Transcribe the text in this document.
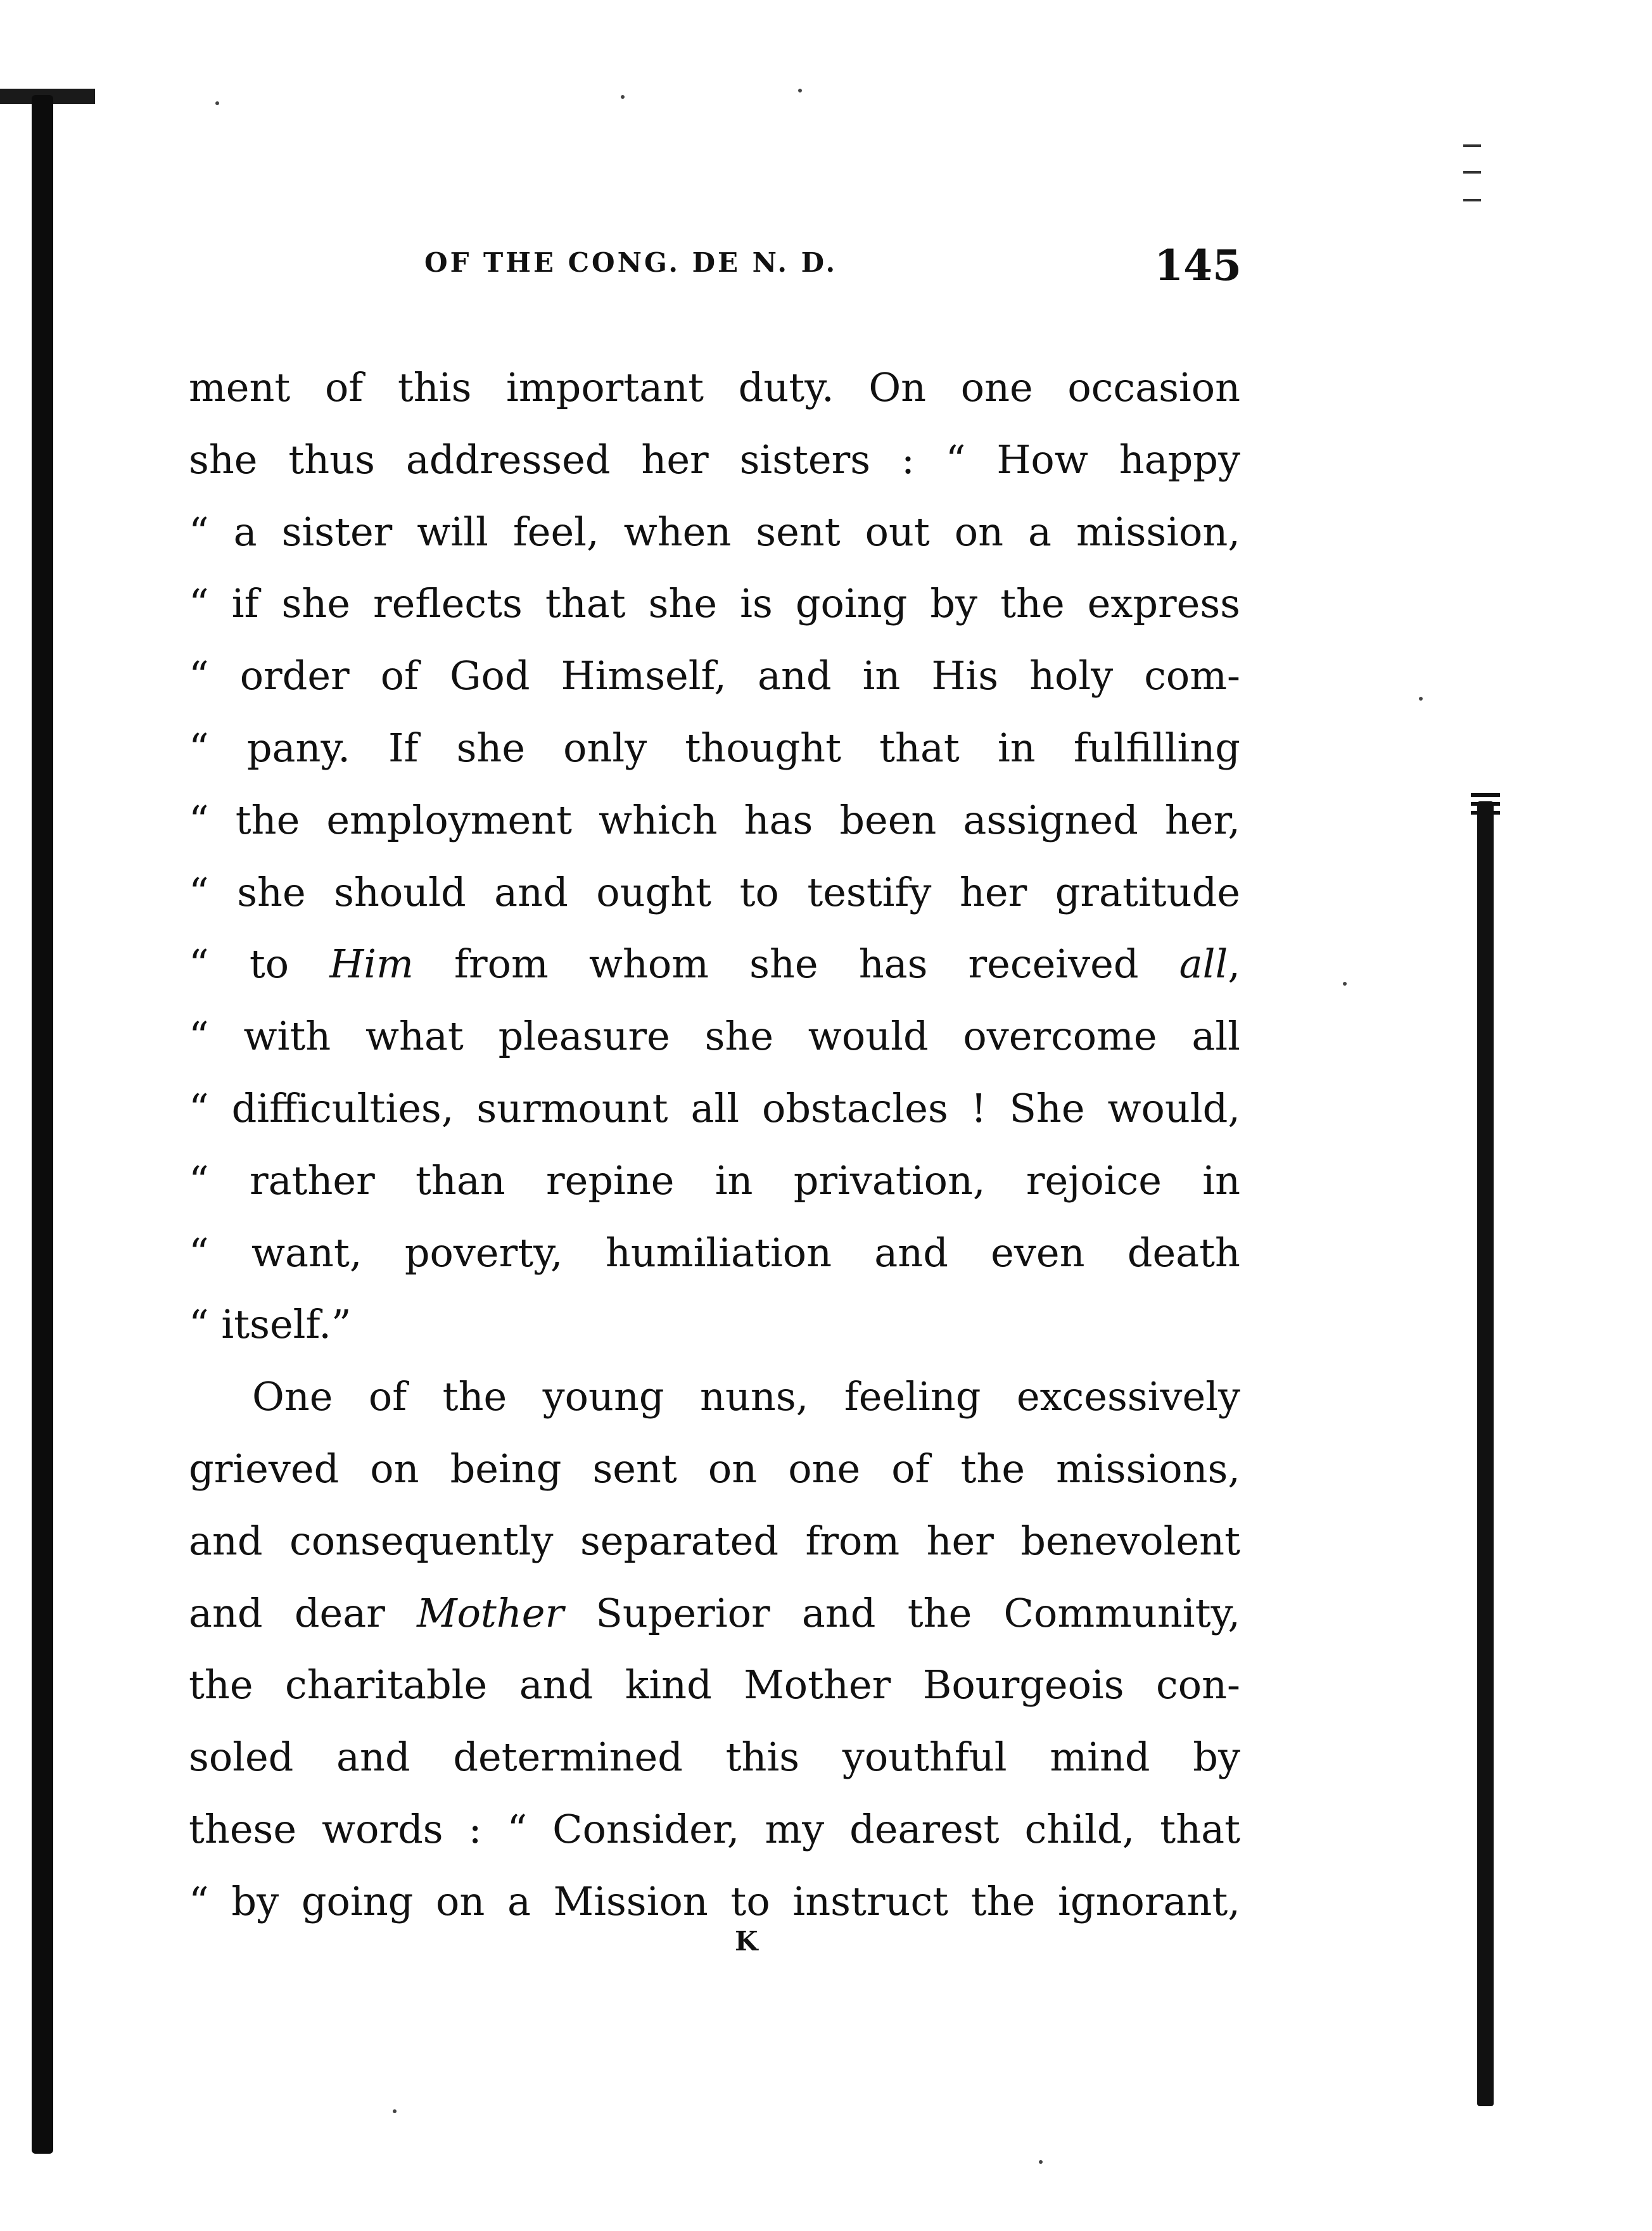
OF THE CONG. DE N. D.	145
ment of this important duty. On one occasion
she thus addressed her sisters : “ How happy
“ a sister will feel, when sent out on a mission,
“ if she reflects that she is going by the express
“ order of God Himself, and in His holy com-
“ pany. If she only thought that in fulfilling
“ the employment which has been assigned her,
“ she should and ought to testify her gratitude
“ to Him from whom she has received all,
“ with what pleasure she would overcome all
“ difficulties, surmount all obstacles ! She would,
“ rather than repine in privation, rejoice in
“ want, poverty, humiliation and even death
“ itself.”
One of the young nuns, feeling excessively
grieved on being sent on one of the missions,
and consequently separated from her benevolent
and dear Mother Superior and the Community,
the charitable and kind Mother Bourgeois con-
soled and determined this youthful mind by
these words : “ Consider, my dearest child, that
“ by going on a Mission to instruct the ignorant,
K
